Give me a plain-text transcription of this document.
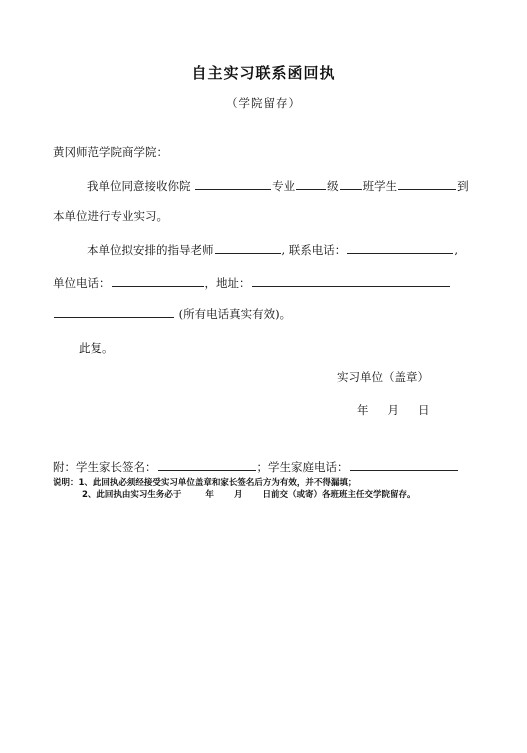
自主实习联系函回执
（学院留存）
黄冈师范学院商学院：
我单位同意接收你院	专业	级 班学生	到
本单位进行专业实习。
本单位拟安排的指导老师	, 联系电话：	,
单位电话：	，地址：
(所有电话真实有效)。
此复。
实习单位（盖章）
年 月 日
附：学生家长签名：	；学生家庭电话：
说明：1、此回执必须经接受实习单位盖章和家长签名后方为有效，并不得漏填；
2、此回执由实习生务必于	年 月 日前交（或寄）各班班主任交学院留存。
